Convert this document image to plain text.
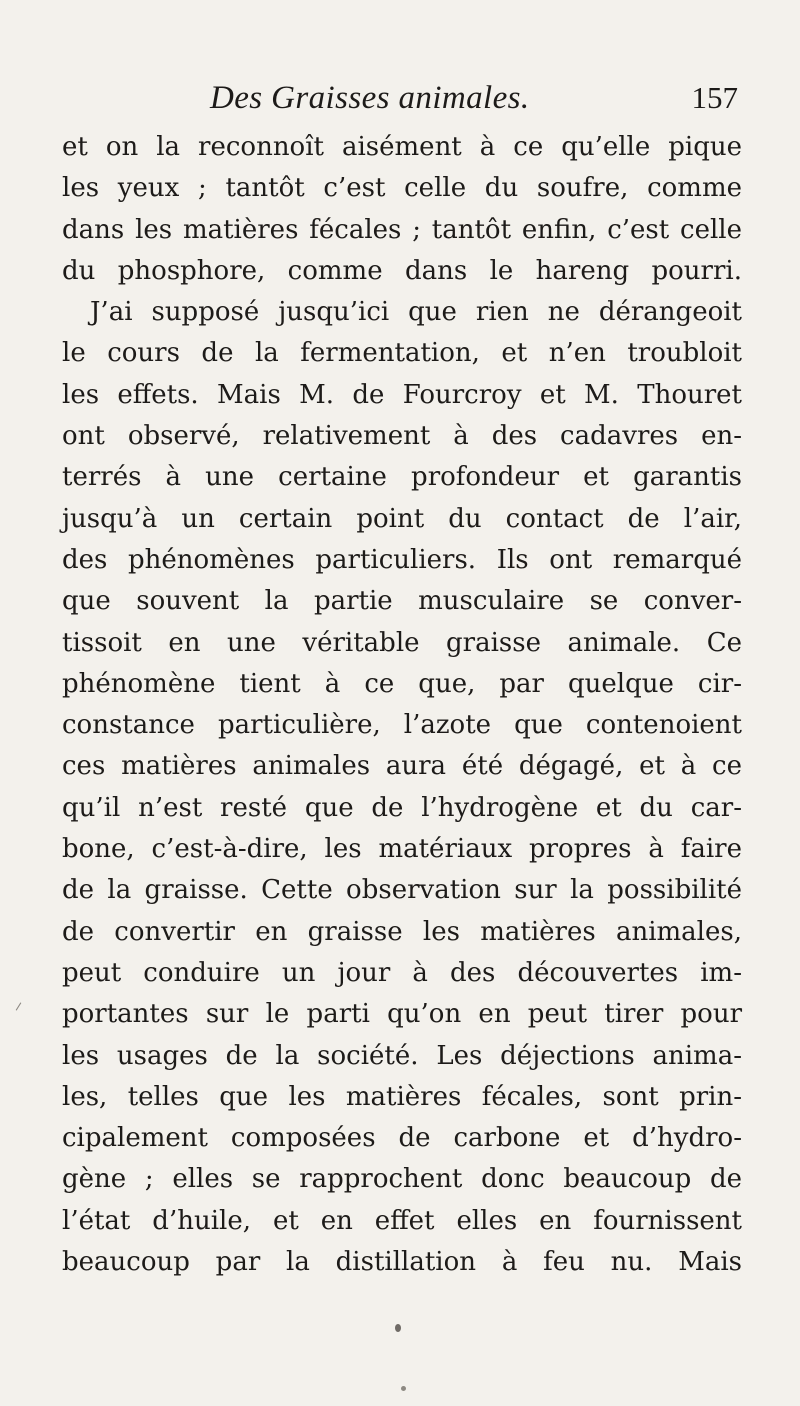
Des Graisses animales.	157
et on la reconnoît aisément à ce qu’elle pique
les yeux ; tantôt c’est celle du soufre, comme
dans les matières fécales ; tantôt enfin, c’est celle
du phosphore, comme dans le hareng pourri.
J’ai supposé jusqu’ici que rien ne dérangeoit
le cours de la fermentation, et n’en troubloit
les effets. Mais M. de Fourcroy et M. Thouret
ont observé, relativement à des cadavres en-
terrés à une certaine profondeur et garantis
jusqu’à un certain point du contact de l’air,
des phénomènes particuliers. Ils ont remarqué
que souvent la partie musculaire se conver-
tissoit en une véritable graisse animale. Ce
phénomène tient à ce que, par quelque cir-
constance particulière, l’azote que contenoient
ces matières animales aura été dégagé, et à ce
qu’il n’est resté que de l’hydrogène et du car-
bone, c’est-à-dire, les matériaux propres à faire
de la graisse. Cette observation sur la possibilité
de convertir en graisse les matières animales,
peut conduire un jour à des découvertes im-
portantes sur le parti qu’on en peut tirer pour
les usages de la société. Les déjections anima-
les, telles que les matières fécales, sont prin-
cipalement composées de carbone et d’hydro-
gène ; elles se rapprochent donc beaucoup de
l’état d’huile, et en effet elles en fournissent
beaucoup par la distillation à feu nu. Mais
